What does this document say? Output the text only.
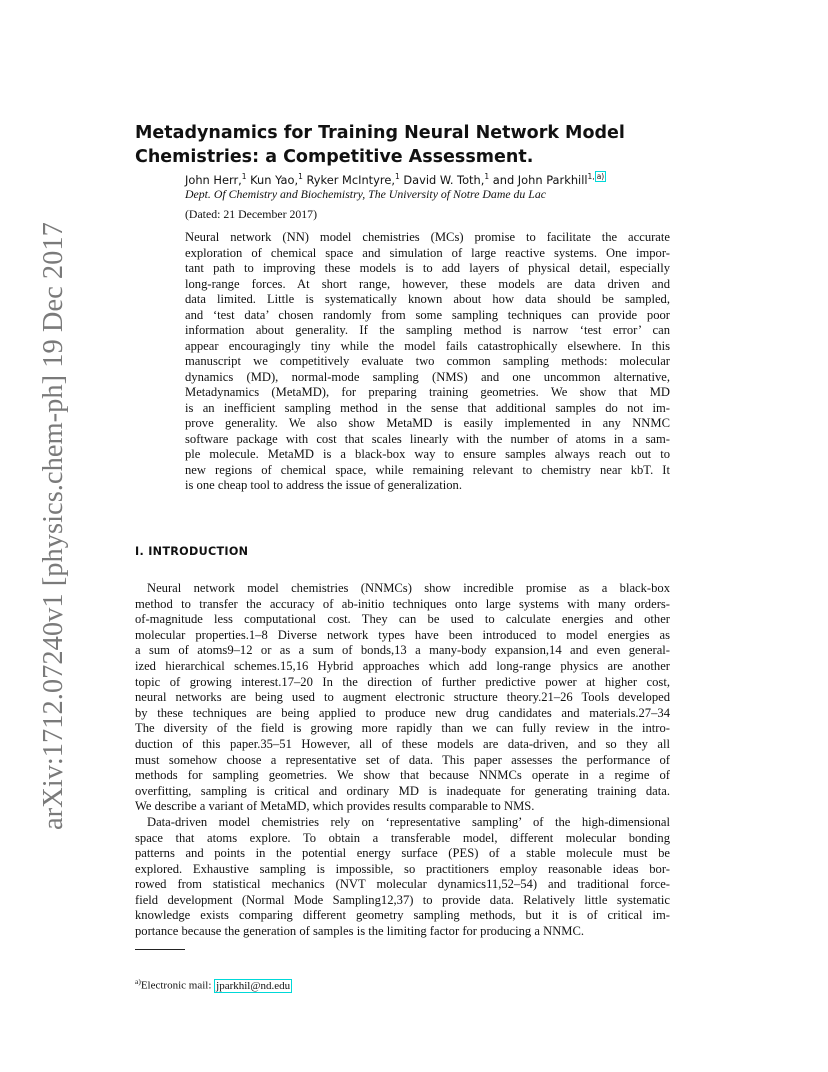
arXiv:1712.07240v1 [physics.chem-ph] 19 Dec 2017
Metadynamics for Training Neural Network Model
Chemistries: a Competitive Assessment.
John Herr,$^1$ Kun Yao,$^1$ Ryker McIntyre,$^1$ David W. Toth,$^1$ and John Parkhill$^{1,}$ $^{a)}$
Dept. Of Chemistry and Biochemistry, The University of Notre Dame du Lac
(Dated: 21 December 2017)
Neural network (NN) model chemistries (MCs) promise to facilitate the accurate
exploration of chemical space and simulation of large reactive systems. One impor-
tant path to improving these models is to add layers of physical detail, especially
long-range forces. At short range, however, these models are data driven and
data limited. Little is systematically known about how data should be sampled,
and ‘test data’ chosen randomly from some sampling techniques can provide poor
information about generality. If the sampling method is narrow ‘test error’ can
appear encouragingly tiny while the model fails catastrophically elsewhere. In this
manuscript we competitively evaluate two common sampling methods: molecular
dynamics (MD), normal-mode sampling (NMS) and one uncommon alternative,
Metadynamics (MetaMD), for preparing training geometries. We show that MD
is an inefficient sampling method in the sense that additional samples do not im-
prove generality. We also show MetaMD is easily implemented in any NNMC
software package with cost that scales linearly with the number of atoms in a sam-
ple molecule. MetaMD is a black-box way to ensure samples always reach out to
new regions of chemical space, while remaining relevant to chemistry near kbT. It
is one cheap tool to address the issue of generalization.
I. INTRODUCTION
Neural network model chemistries (NNMCs) show incredible promise as a black-box
method to transfer the accuracy of ab-initio techniques onto large systems with many orders-
of-magnitude less computational cost. They can be used to calculate energies and other
molecular properties.1–8 Diverse network types have been introduced to model energies as
a sum of atoms9–12 or as a sum of bonds,13 a many-body expansion,14 and even general-
ized hierarchical schemes.15,16 Hybrid approaches which add long-range physics are another
topic of growing interest.17–20 In the direction of further predictive power at higher cost,
neural networks are being used to augment electronic structure theory.21–26 Tools developed
by these techniques are being applied to produce new drug candidates and materials.27–34
The diversity of the field is growing more rapidly than we can fully review in the intro-
duction of this paper.35–51 However, all of these models are data-driven, and so they all
must somehow choose a representative set of data. This paper assesses the performance of
methods for sampling geometries. We show that because NNMCs operate in a regime of
overfitting, sampling is critical and ordinary MD is inadequate for generating training data.
We describe a variant of MetaMD, which provides results comparable to NMS.
Data-driven model chemistries rely on ‘representative sampling’ of the high-dimensional
space that atoms explore. To obtain a transferable model, different molecular bonding
patterns and points in the potential energy surface (PES) of a stable molecule must be
explored. Exhaustive sampling is impossible, so practitioners employ reasonable ideas bor-
rowed from statistical mechanics (NVT molecular dynamics11,52–54) and traditional force-
field development (Normal Mode Sampling12,37) to provide data. Relatively little systematic
knowledge exists comparing different geometry sampling methods, but it is of critical im-
portance because the generation of samples is the limiting factor for producing a NNMC.
$^{a)}$Electronic mail: jparkhil@nd.edu
